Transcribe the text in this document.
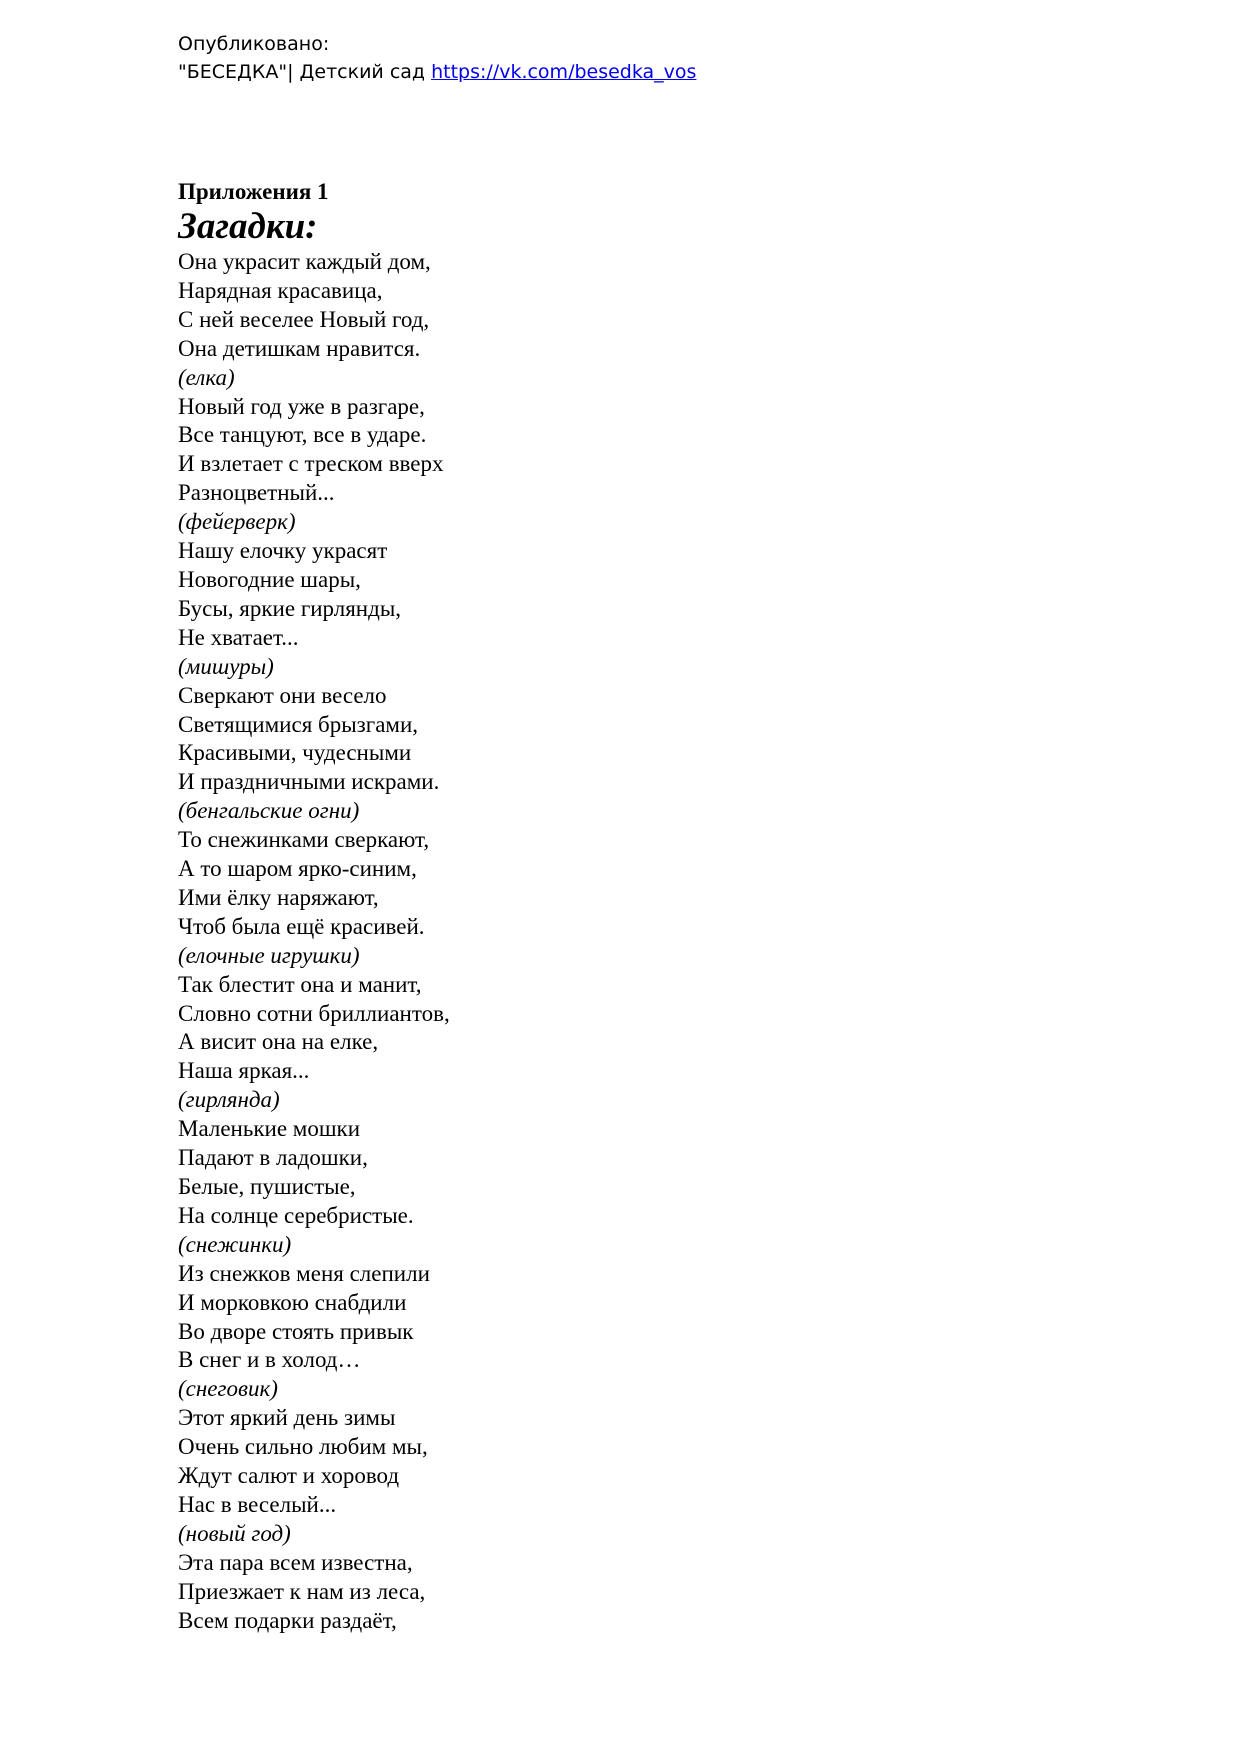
Опубликовано:
"БЕСЕДКА"| Детский сад https://vk.com/besedka_vos
Приложения 1
Загадки:
Она украсит каждый дом,
Нарядная красавица,
С ней веселее Новый год,
Она детишкам нравится.
(елка)
Новый год уже в разгаре,
Все танцуют, все в ударе.
И взлетает с треском вверх
Разноцветный...
(фейерверк)
Нашу елочку украсят
Новогодние шары,
Бусы, яркие гирлянды,
Не хватает...
(мишуры)
Сверкают они весело
Светящимися брызгами,
Красивыми, чудесными
И праздничными искрами.
(бенгальские огни)
То снежинками сверкают,
А то шаром ярко-синим,
Ими ёлку наряжают,
Чтоб была ещё красивей.
(елочные игрушки)
Так блестит она и манит,
Словно сотни бриллиантов,
А висит она на елке,
Наша яркая...
(гирлянда)
Маленькие мошки
Падают в ладошки,
Белые, пушистые,
На солнце серебристые.
(снежинки)
Из снежков меня слепили
И морковкою снабдили
Во дворе стоять привык
В снег и в холод…
(снеговик)
Этот яркий день зимы
Очень сильно любим мы,
Ждут салют и хоровод
Нас в веселый...
(новый год)
Эта пара всем известна,
Приезжает к нам из леса,
Всем подарки раздаёт,
